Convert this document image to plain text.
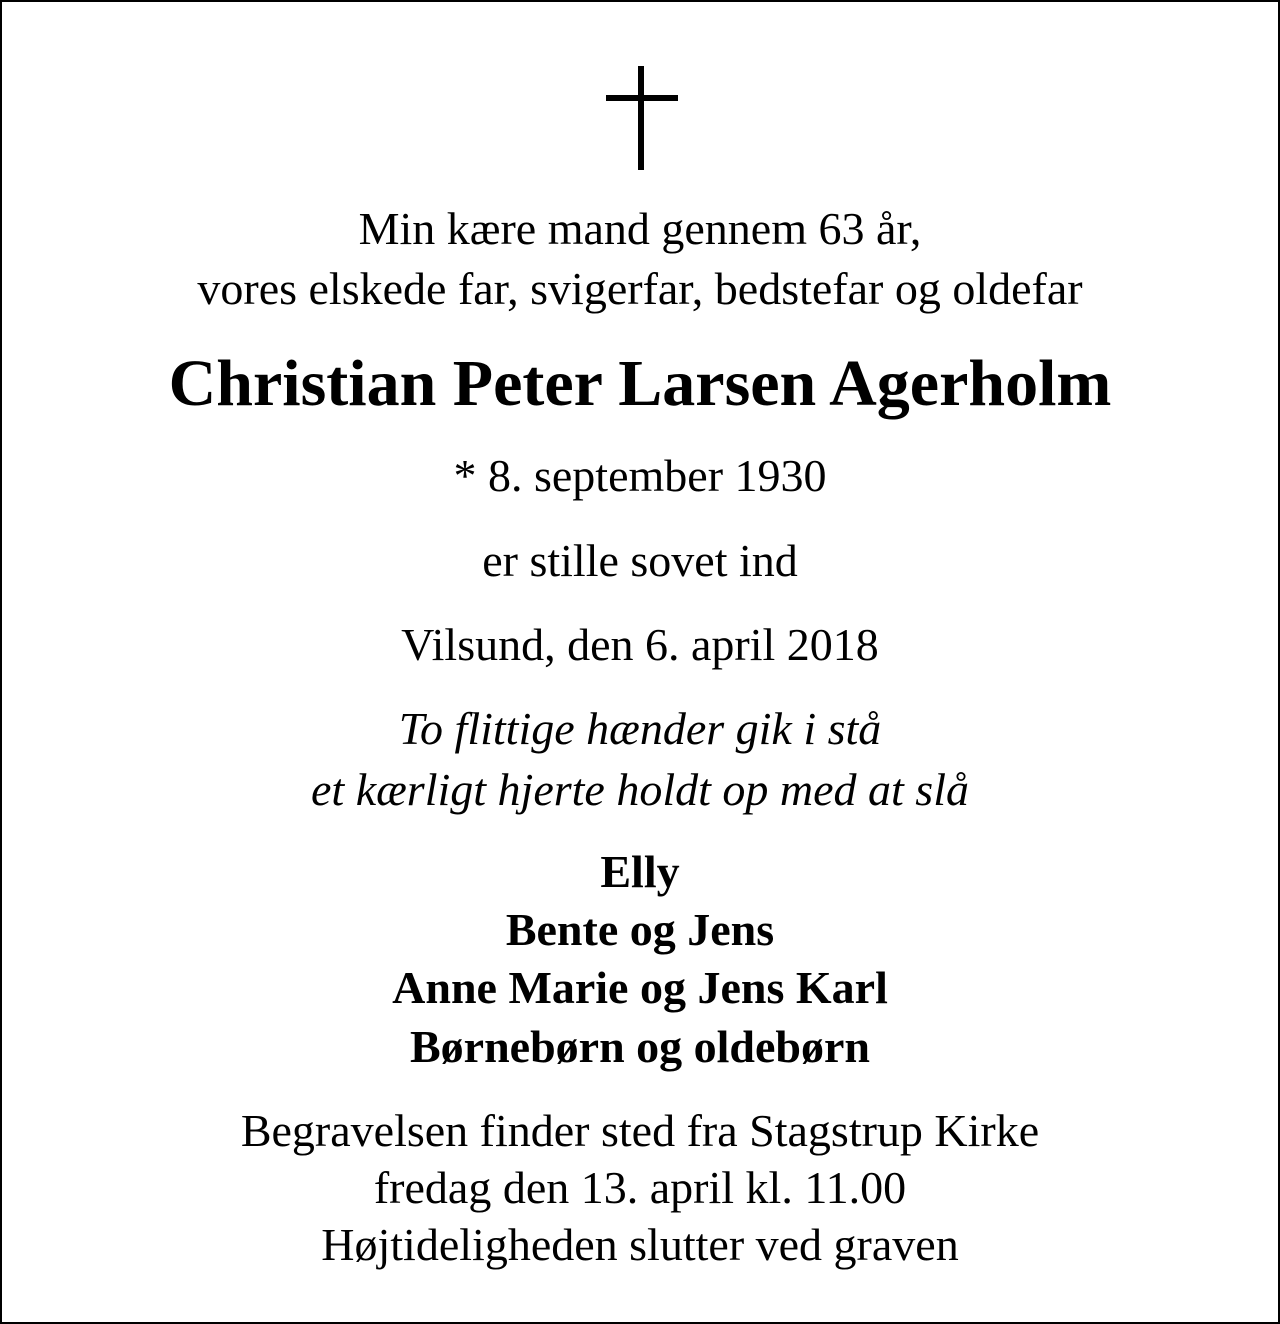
Min kære mand gennem 63 år,
vores elskede far, svigerfar, bedstefar og oldefar
Christian Peter Larsen Agerholm
* 8. september 1930
er stille sovet ind
Vilsund, den 6. april 2018
To flittige hænder gik i stå
et kærligt hjerte holdt op med at slå
Elly
Bente og Jens
Anne Marie og Jens Karl
Børnebørn og oldebørn
Begravelsen finder sted fra Stagstrup Kirke
fredag den 13. april kl. 11.00
Højtideligheden slutter ved graven
